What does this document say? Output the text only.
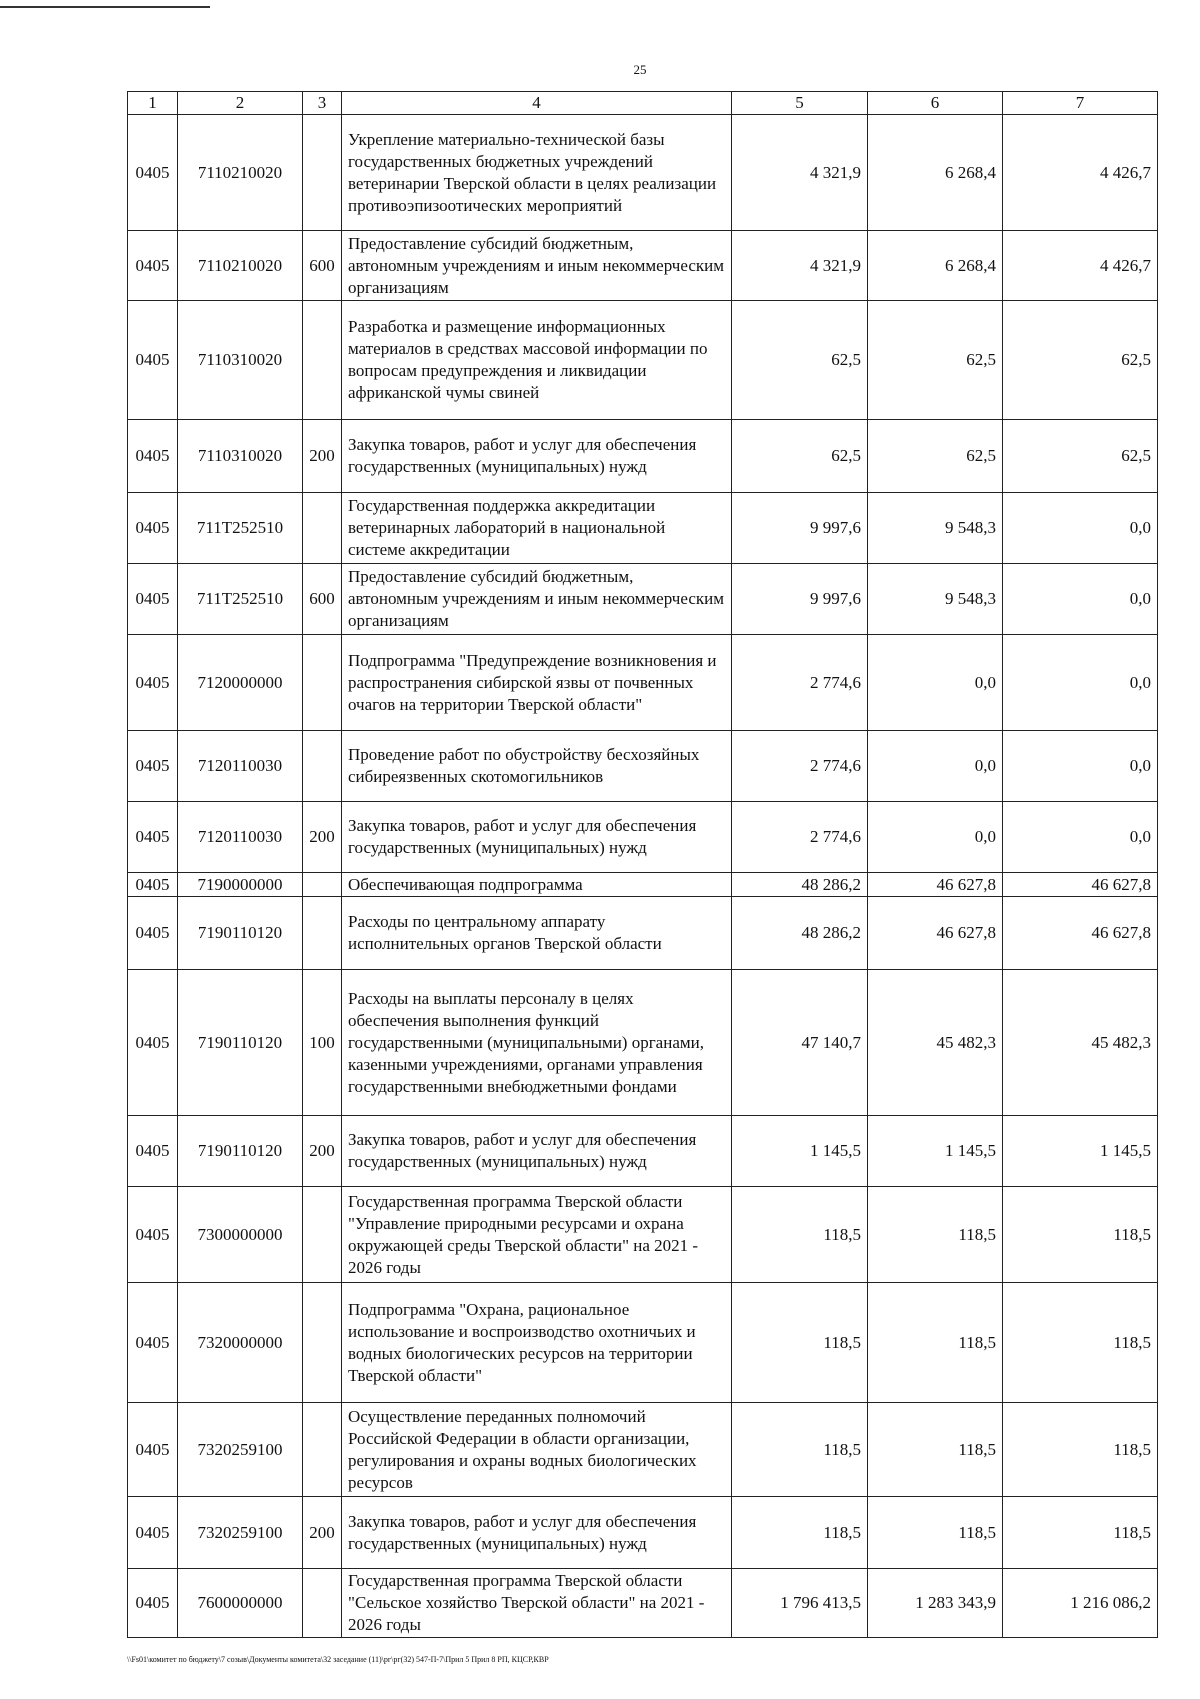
25
1	2	3	4	5	6	7
0405	7110210020		Укрепление материально-технической базы государственных бюджетных учреждений ветеринарии Тверской области в целях реализации противоэпизоотических мероприятий	4 321,9	6 268,4	4 426,7
0405	7110210020	600	Предоставление субсидий бюджетным, автономным учреждениям и иным некоммерческим организациям	4 321,9	6 268,4	4 426,7
0405	7110310020		Разработка и размещение информационных материалов в средствах массовой информации по вопросам предупреждения и ликвидации африканской чумы свиней	62,5	62,5	62,5
0405	7110310020	200	Закупка товаров, работ и услуг для обеспечения государственных (муниципальных) нужд	62,5	62,5	62,5
0405	711Т252510		Государственная поддержка аккредитации ветеринарных лабораторий в национальной системе аккредитации	9 997,6	9 548,3	0,0
0405	711Т252510	600	Предоставление субсидий бюджетным, автономным учреждениям и иным некоммерческим организациям	9 997,6	9 548,3	0,0
0405	7120000000		Подпрограмма "Предупреждение возникновения и распространения сибирской язвы от почвенных очагов на территории Тверской области"	2 774,6	0,0	0,0
0405	7120110030		Проведение работ по обустройству бесхозяйных сибиреязвенных скотомогильников	2 774,6	0,0	0,0
0405	7120110030	200	Закупка товаров, работ и услуг для обеспечения государственных (муниципальных) нужд	2 774,6	0,0	0,0
0405	7190000000		Обеспечивающая подпрограмма	48 286,2	46 627,8	46 627,8
0405	7190110120		Расходы по центральному аппарату исполнительных органов Тверской области	48 286,2	46 627,8	46 627,8
0405	7190110120	100	Расходы на выплаты персоналу в целях обеспечения выполнения функций государственными (муниципальными) органами, казенными учреждениями, органами управления государственными внебюджетными фондами	47 140,7	45 482,3	45 482,3
0405	7190110120	200	Закупка товаров, работ и услуг для обеспечения государственных (муниципальных) нужд	1 145,5	1 145,5	1 145,5
0405	7300000000		Государственная программа Тверской области "Управление природными ресурсами и охрана окружающей среды Тверской области" на 2021 - 2026 годы	118,5	118,5	118,5
0405	7320000000		Подпрограмма "Охрана, рациональное использование и воспроизводство охотничьих и водных биологических ресурсов на территории Тверской области"	118,5	118,5	118,5
0405	7320259100		Осуществление переданных полномочий Российской Федерации в области организации, регулирования и охраны водных биологических ресурсов	118,5	118,5	118,5
0405	7320259100	200	Закупка товаров, работ и услуг для обеспечения государственных (муниципальных) нужд	118,5	118,5	118,5
0405	7600000000		Государственная программа Тверской области "Сельское хозяйство Тверской области" на 2021 - 2026 годы	1 796 413,5	1 283 343,9	1 216 086,2
\\Fs01\комитет по бюджету\7 созыв\Документы комитета\32 заседание (11)\рг\рг(32) 547-П-7\Прил 5 Прил 8 РП, КЦСР,КВР
